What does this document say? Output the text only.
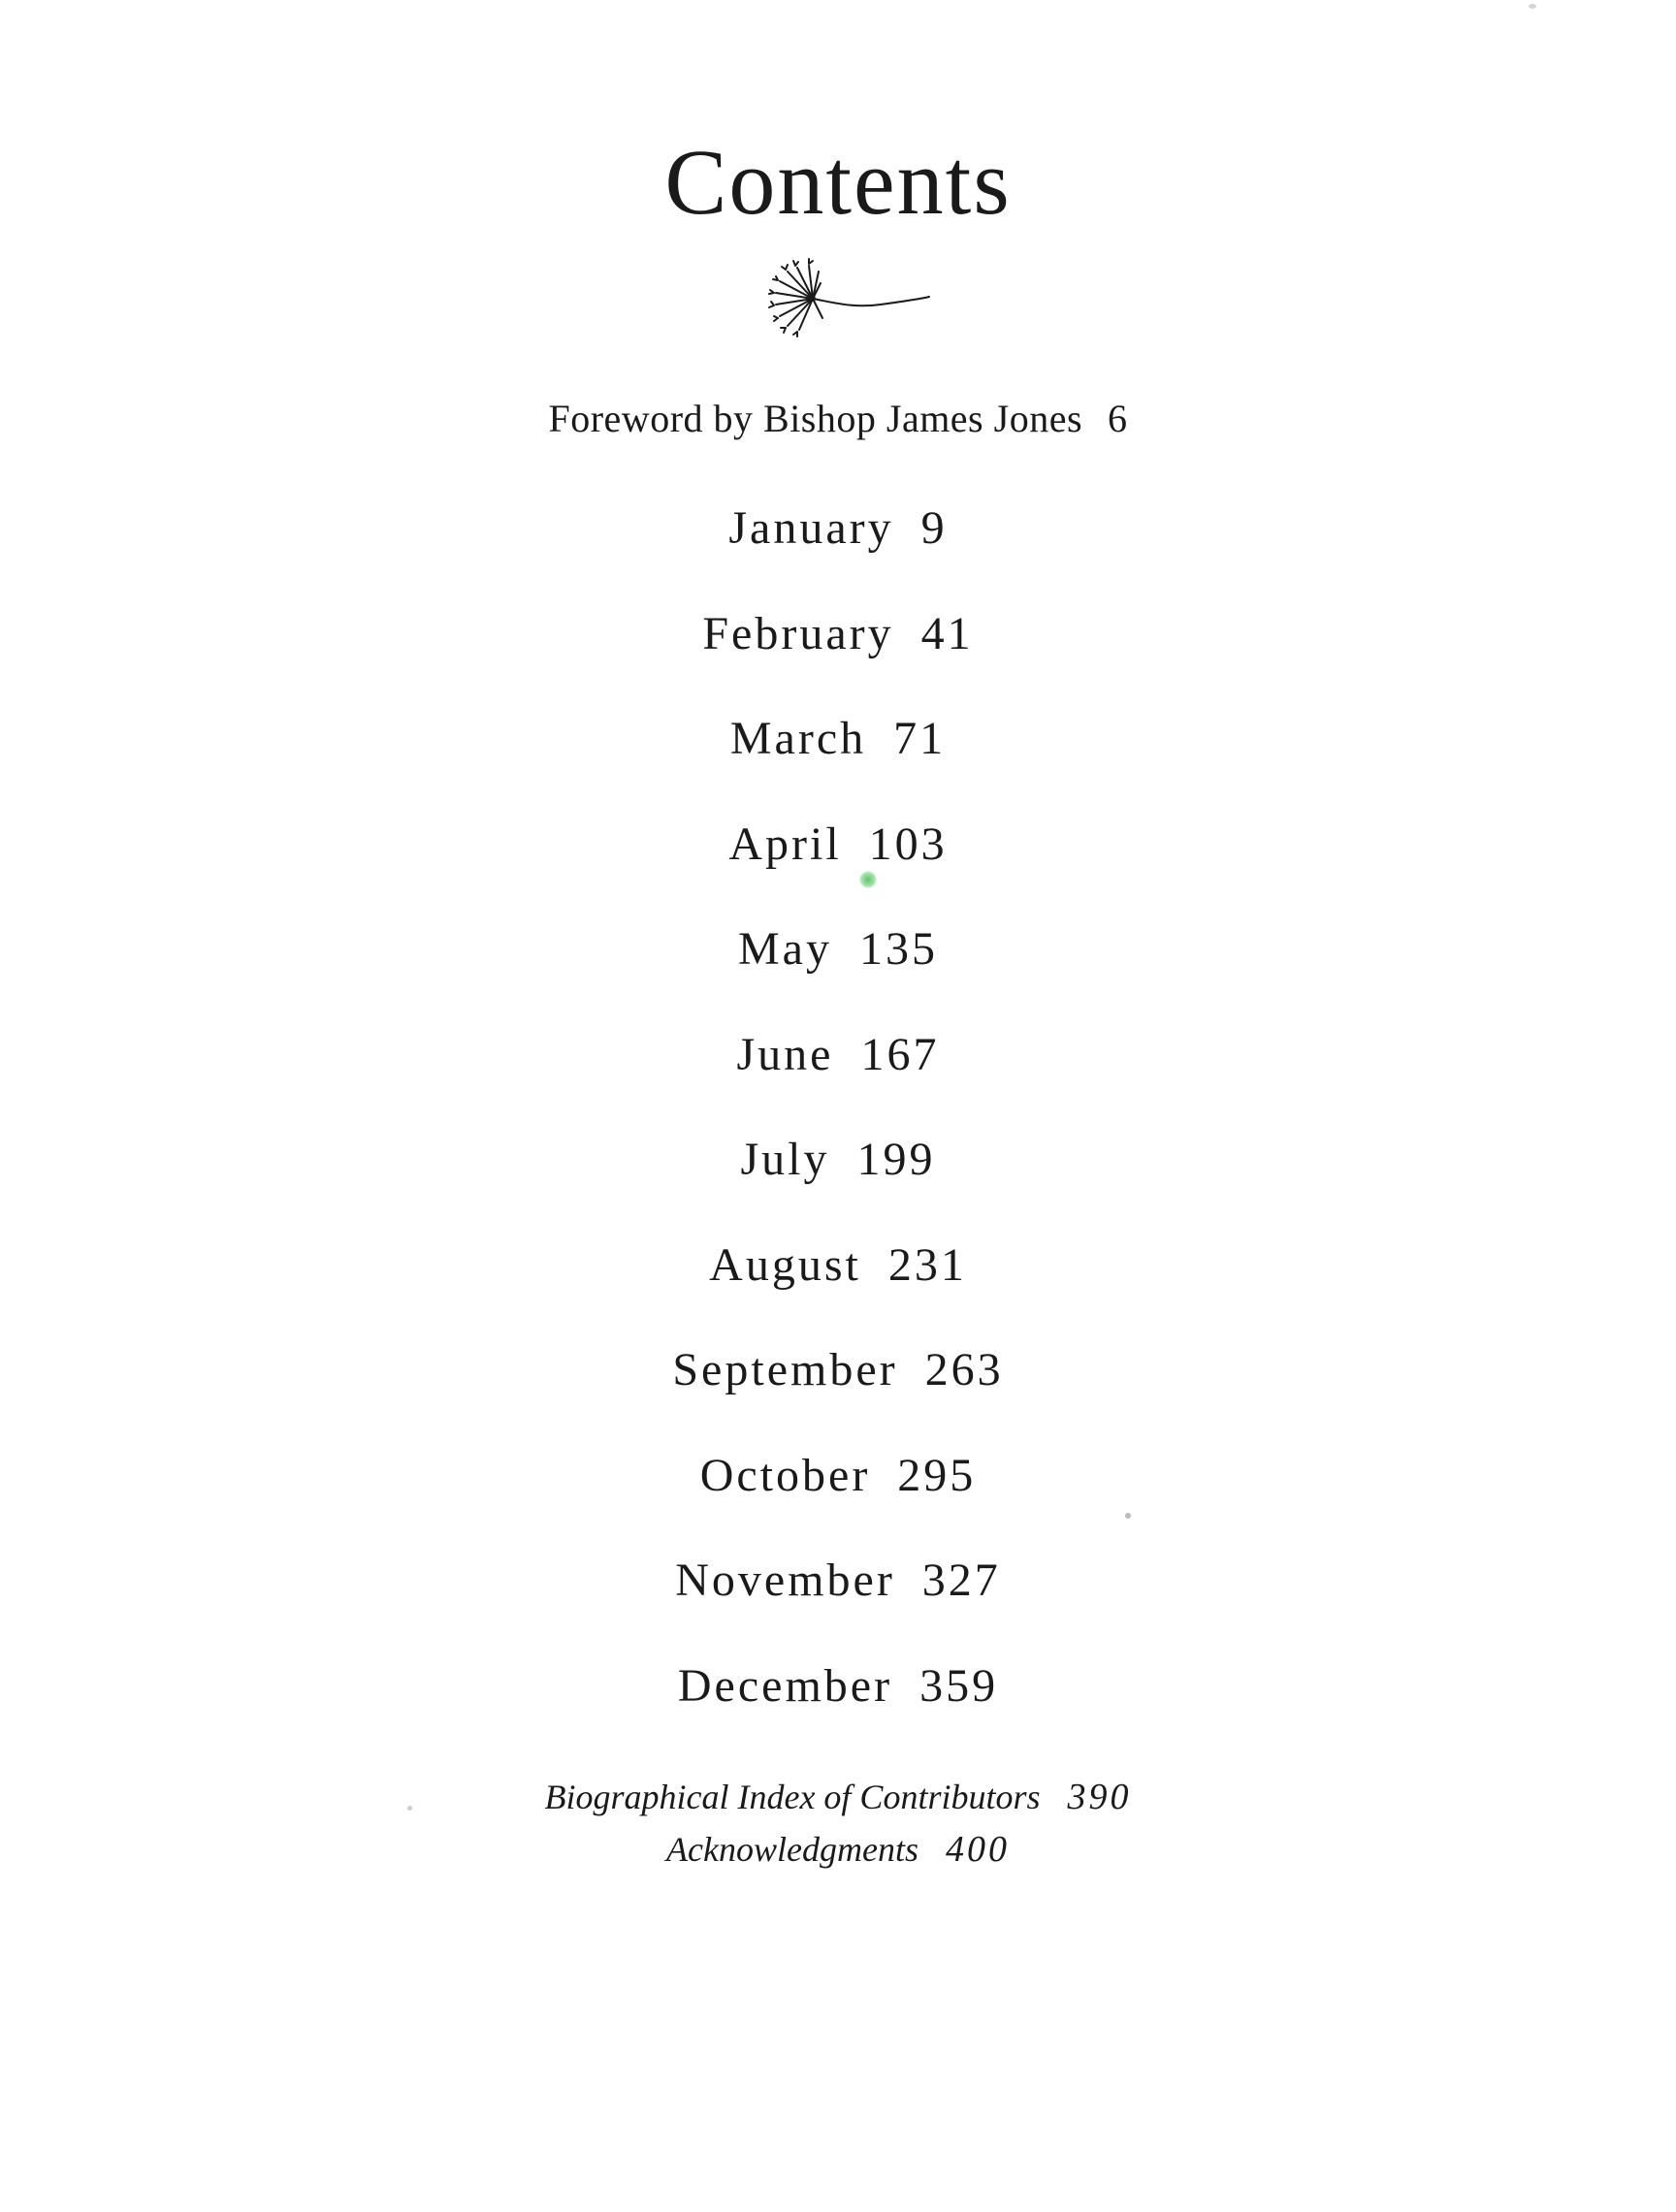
Contents
Foreword by Bishop James Jones 6
January 9
February 41
March 71
April 103
May 135
June 167
July 199
August 231
September 263
October 295
November 327
December 359
Biographical Index of Contributors 390
Acknowledgments 400
